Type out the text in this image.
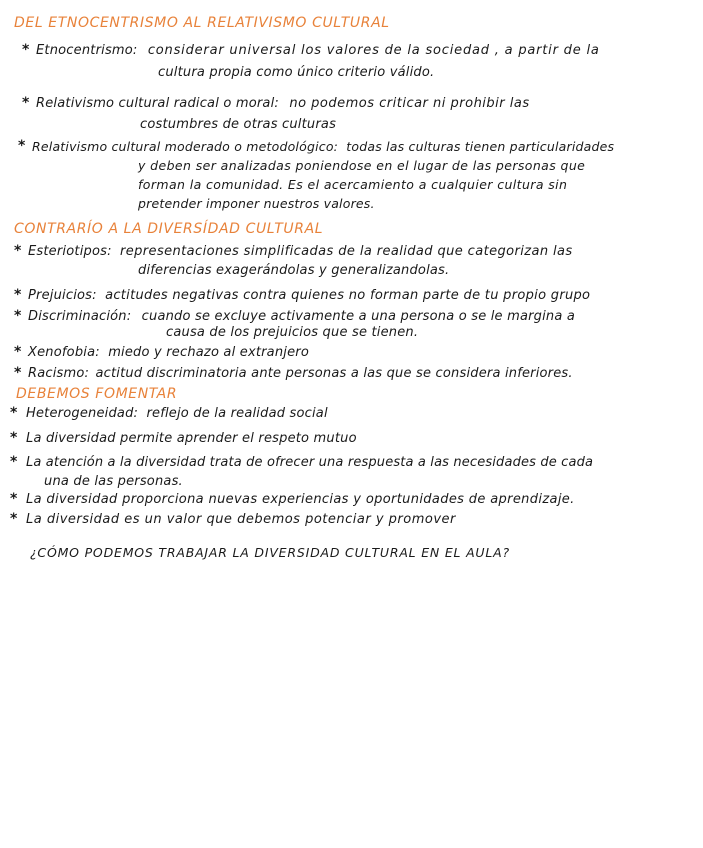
DEL ETNOCENTRISMO AL RELATIVISMO CULTURAL
* Etnocentrismo: considerar universal los valores de la sociedad , a partir de la
cultura propia como único criterio válido.
* Relativismo cultural radical o moral: no podemos criticar ni prohibir las
costumbres de otras culturas
* Relativismo cultural moderado o metodológico: todas las culturas tienen particularidades
y deben ser analizadas poniendose en el lugar de las personas que
forman la comunidad. Es el acercamiento a cualquier cultura sin
pretender imponer nuestros valores.
CONTRARÍO A LA DIVERSÍDAD CULTURAL
* Esteriotipos: representaciones simplificadas de la realidad que categorizan las
diferencias exagerándolas y generalizandolas.
* Prejuicios: actitudes negativas contra quienes no forman parte de tu propio grupo
* Discriminación: cuando se excluye activamente a una persona o se le margina a
causa de los prejuicios que se tienen.
* Xenofobia: miedo y rechazo al extranjero
* Racismo: actitud discriminatoria ante personas a las que se considera inferiores.
DEBEMOS FOMENTAR
* Heterogeneidad: reflejo de la realidad social
* La diversidad permite aprender el respeto mutuo
* La atención a la diversidad trata de ofrecer una respuesta a las necesidades de cada
una de las personas.
* La diversidad proporciona nuevas experiencias y oportunidades de aprendizaje.
* La diversidad es un valor que debemos potenciar y promover
¿CÓMO PODEMOS TRABAJAR LA DIVERSIDAD CULTURAL EN EL AULA?
